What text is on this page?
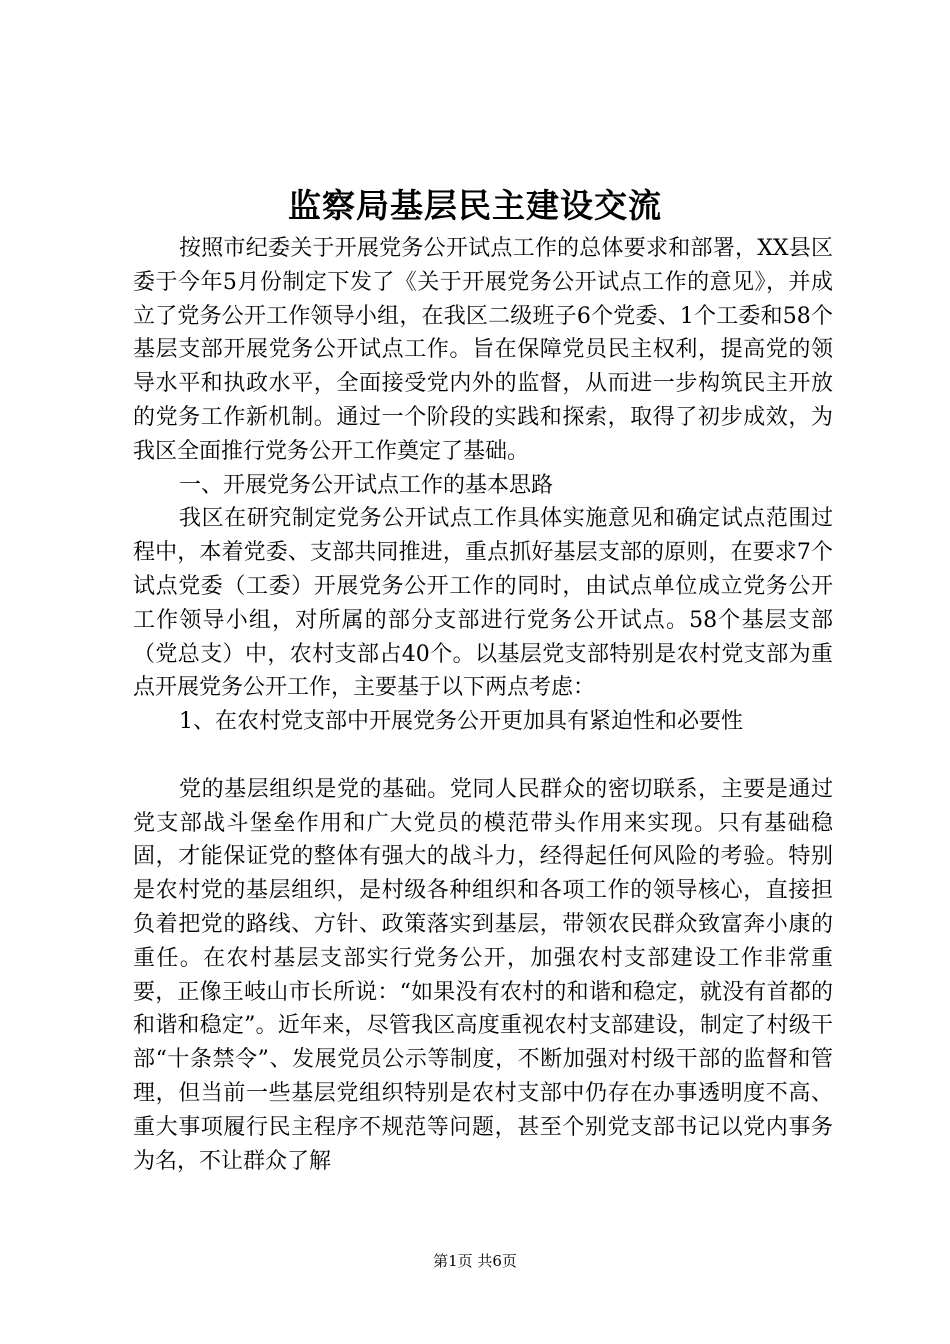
监察局基层民主建设交流

按照市纪委关于开展党务公开试点工作的总体要求和部署，XX县区委于今年5月份制定下发了《关于开展党务公开试点工作的意见》，并成立了党务公开工作领导小组，在我区二级班子6个党委、1个工委和58个基层支部开展党务公开试点工作。旨在保障党员民主权利，提高党的领导水平和执政水平，全面接受党内外的监督，从而进一步构筑民主开放的党务工作新机制。通过一个阶段的实践和探索，取得了初步成效，为我区全面推行党务公开工作奠定了基础。

一、开展党务公开试点工作的基本思路

我区在研究制定党务公开试点工作具体实施意见和确定试点范围过程中，本着党委、支部共同推进，重点抓好基层支部的原则，在要求7个试点党委（工委）开展党务公开工作的同时，由试点单位成立党务公开工作领导小组，对所属的部分支部进行党务公开试点。58个基层支部（党总支）中，农村支部占40个。以基层党支部特别是农村党支部为重点开展党务公开工作，主要基于以下两点考虑：

1、在农村党支部中开展党务公开更加具有紧迫性和必要性

党的基层组织是党的基础。党同人民群众的密切联系，主要是通过党支部战斗堡垒作用和广大党员的模范带头作用来实现。只有基础稳固，才能保证党的整体有强大的战斗力，经得起任何风险的考验。特别是农村党的基层组织，是村级各种组织和各项工作的领导核心，直接担负着把党的路线、方针、政策落实到基层，带领农民群众致富奔小康的重任。在农村基层支部实行党务公开，加强农村支部建设工作非常重要，正像王岐山市长所说：“如果没有农村的和谐和稳定，就没有首都的和谐和稳定”。近年来，尽管我区高度重视农村支部建设，制定了村级干部“十条禁令”、发展党员公示等制度，不断加强对村级干部的监督和管理，但当前一些基层党组织特别是农村支部中仍存在办事透明度不高、重大事项履行民主程序不规范等问题，甚至个别党支部书记以党内事务为名，不让群众了解

第1页 共6页
